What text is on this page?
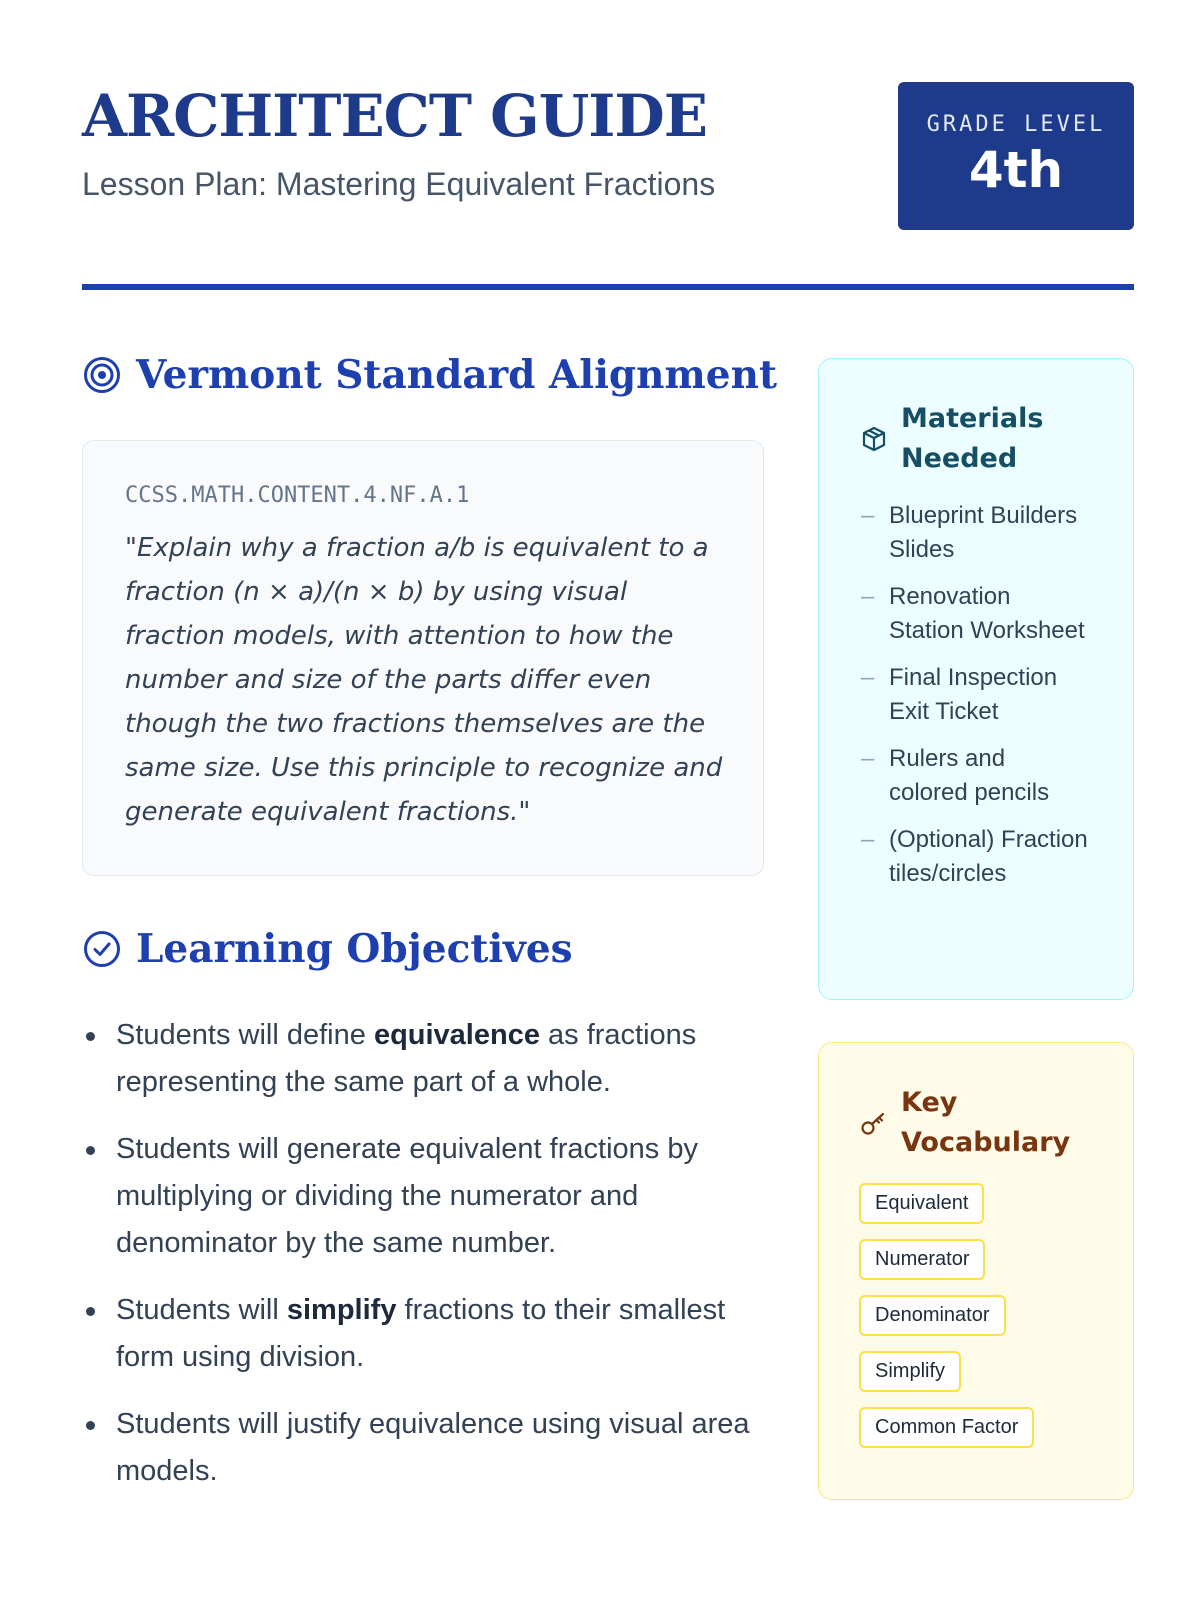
ARCHITECT GUIDE
Lesson Plan: Mastering Equivalent Fractions
GRADE LEVEL
4th
Vermont Standard Alignment
CCSS.MATH.CONTENT.4.NF.A.1
"Explain why a fraction a/b is equivalent to a fraction (n × a)/(n × b) by using visual fraction models, with attention to how the number and size of the parts differ even though the two fractions themselves are the same size. Use this principle to recognize and generate equivalent fractions."
Learning Objectives
Students will define equivalence as fractions representing the same part of a whole.
Students will generate equivalent fractions by multiplying or dividing the numerator and denominator by the same number.
Students will simplify fractions to their smallest form using division.
Students will justify equivalence using visual area models.
Materials Needed
– Blueprint Builders Slides
– Renovation Station Worksheet
– Final Inspection Exit Ticket
– Rulers and colored pencils
– (Optional) Fraction tiles/circles
Key Vocabulary
Equivalent
Numerator
Denominator
Simplify
Common Factor
